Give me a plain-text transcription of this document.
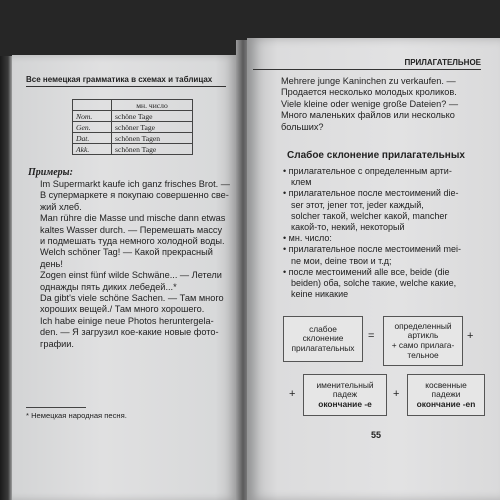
Все немецкая грамматика в схемах и таблицах
	мн. число
Nom.	schöne Tage
Gen.	schöner Tage
Dat.	schönen Tagen
Akk.	schönen Tage
Примеры:
Im Supermarkt kaufe ich ganz frisches Brot. —
В супермаркете я покупаю совершенно све-
жий хлеб.
Man rühre die Masse und mische dann etwas
kaltes Wasser durch. — Перемешать массу
и подмешать туда немного холодной воды.
Welch schöner Tag! — Какой прекрасный
день!
Zogen einst fünf wilde Schwäne... — Летели
однажды пять диких лебедей...*
Da gibt's viele schöne Sachen. — Там много
хороших вещей./ Там много хорошего.
Ich habe einige neue Photos heruntergela-
den. — Я загрузил кое-какие новые фото-
графии.
* Немецкая народная песня.
ПРИЛАГАТЕЛЬНОЕ
Mehrere junge Kaninchen zu verkaufen. —
Продается несколько молодых кроликов.
Viele kleine oder wenige große Dateien? —
Много маленьких файлов или несколько
больших?
Слабое склонение прилагательных
• прилагательное с определенным арти-
клем
• прилагательное после местоимений die-
ser этот, jener тот, jeder каждый,
solcher такой, welcher какой, mancher
какой-то, некий, некоторый
• мн. число:
• прилагательное после местоимений mei-
ne мои, deine твои и т.д;
• после местоимений alle все, beide (die
beiden) оба, solche такие, welche какие,
keine никакие
слабое
склонение
прилагательных
=
определенный
артикль
+ само прилага-
тельное
+
+
именительный
падеж
окончание -e
+
косвенные
падежи
окончание -en
55
